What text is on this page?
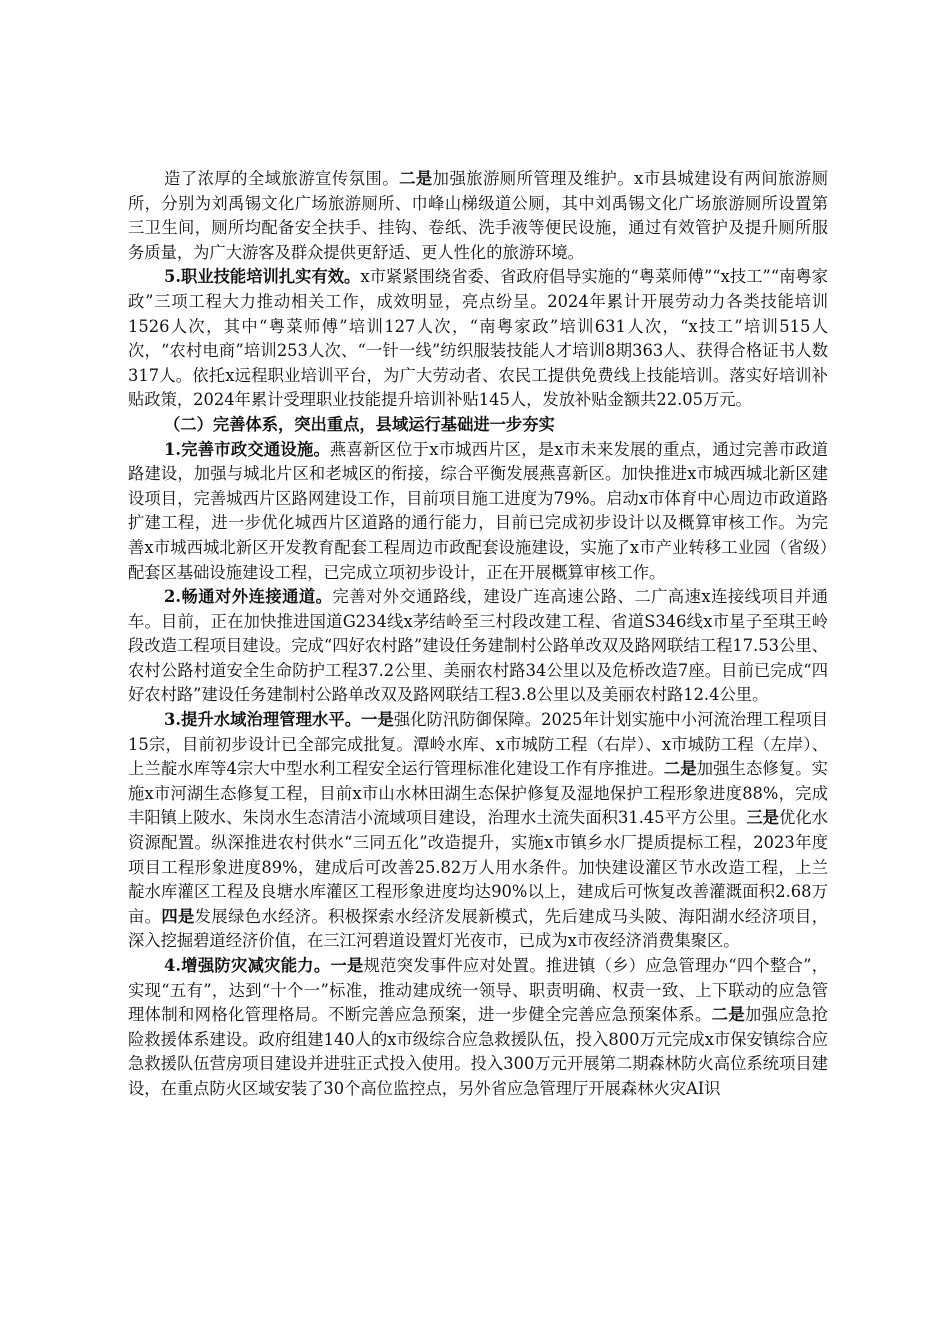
造了浓厚的全域旅游宣传氛围。二是加强旅游厕所管理及维护。x市县城建设有两间旅游厕所，分别为刘禹锡文化广场旅游厕所、巾峰山梯级道公厕，其中刘禹锡文化广场旅游厕所设置第三卫生间，厕所均配备安全扶手、挂钩、卷纸、洗手液等便民设施，通过有效管护及提升厕所服务质量，为广大游客及群众提供更舒适、更人性化的旅游环境。

5.职业技能培训扎实有效。x市紧紧围绕省委、省政府倡导实施的“粤菜师傅”“x技工”“南粤家政”三项工程大力推动相关工作，成效明显，亮点纷呈。2024年累计开展劳动力各类技能培训1526人次，其中“粤菜师傅”培训127人次，“南粤家政”培训631人次，“x技工”培训515人次，“农村电商”培训253人次、“一针一线”纺织服装技能人才培训8期363人、获得合格证书人数317人。依托x远程职业培训平台，为广大劳动者、农民工提供免费线上技能培训。落实好培训补贴政策，2024年累计受理职业技能提升培训补贴145人，发放补贴金额共22.05万元。

（二）完善体系，突出重点，县域运行基础进一步夯实

1.完善市政交通设施。燕喜新区位于x市城西片区，是x市未来发展的重点，通过完善市政道路建设，加强与城北片区和老城区的衔接，综合平衡发展燕喜新区。加快推进x市城西城北新区建设项目，完善城西片区路网建设工作，目前项目施工进度为79%。启动x市体育中心周边市政道路扩建工程，进一步优化城西片区道路的通行能力，目前已完成初步设计以及概算审核工作。为完善x市城西城北新区开发教育配套工程周边市政配套设施建设，实施了x市产业转移工业园（省级）配套区基础设施建设工程，已完成立项初步设计，正在开展概算审核工作。

2.畅通对外连接通道。完善对外交通路线，建设广连高速公路、二广高速x连接线项目并通车。目前，正在加快推进国道G234线x茅结岭至三村段改建工程、省道S346线x市星子至琪王岭段改造工程项目建设。完成“四好农村路”建设任务建制村公路单改双及路网联结工程17.53公里、农村公路村道安全生命防护工程37.2公里、美丽农村路34公里以及危桥改造7座。目前已完成“四好农村路”建设任务建制村公路单改双及路网联结工程3.8公里以及美丽农村路12.4公里。

3.提升水域治理管理水平。一是强化防汛防御保障。2025年计划实施中小河流治理工程项目15宗，目前初步设计已全部完成批复。潭岭水库、x市城防工程（右岸）、x市城防工程（左岸）、上兰靛水库等4宗大中型水利工程安全运行管理标准化建设工作有序推进。二是加强生态修复。实施x市河湖生态修复工程，目前x市山水林田湖生态保护修复及湿地保护工程形象进度88%，完成丰阳镇上陂水、朱岗水生态清洁小流域项目建设，治理水土流失面积31.45平方公里。三是优化水资源配置。纵深推进农村供水“三同五化”改造提升，实施x市镇乡水厂提质提标工程，2023年度项目工程形象进度89%，建成后可改善25.82万人用水条件。加快建设灌区节水改造工程，上兰靛水库灌区工程及良塘水库灌区工程形象进度均达90%以上，建成后可恢复改善灌溉面积2.68万亩。四是发展绿色水经济。积极探索水经济发展新模式，先后建成马头陂、海阳湖水经济项目，深入挖掘碧道经济价值，在三江河碧道设置灯光夜市，已成为x市夜经济消费集聚区。

4.增强防灾减灾能力。一是规范突发事件应对处置。推进镇（乡）应急管理办“四个整合”，实现“五有”，达到“十个一”标准，推动建成统一领导、职责明确、权责一致、上下联动的应急管理体制和网格化管理格局。不断完善应急预案，进一步健全完善应急预案体系。二是加强应急抢险救援体系建设。政府组建140人的x市级综合应急救援队伍，投入800万元完成x市保安镇综合应急救援队伍营房项目建设并进驻正式投入使用。投入300万元开展第二期森林防火高位系统项目建设，在重点防火区域安装了30个高位监控点，另外省应急管理厅开展森林火灾AI识
